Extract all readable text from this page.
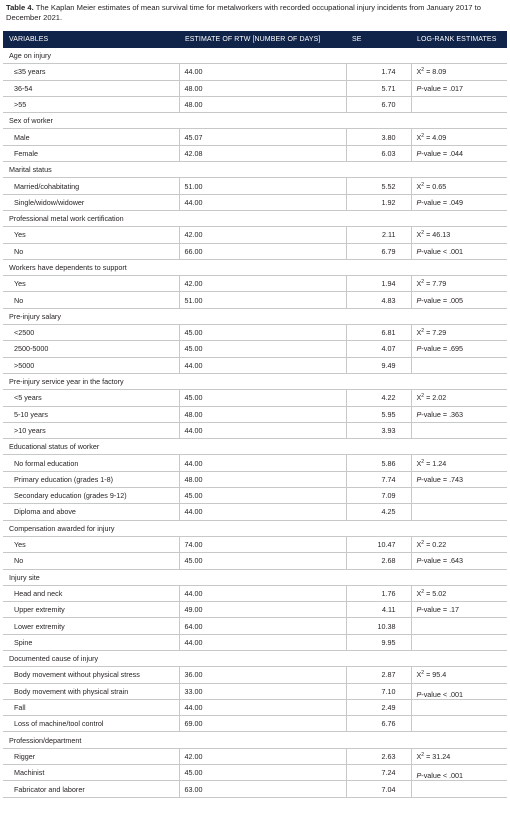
Table 4. The Kaplan Meier estimates of mean survival time for metalworkers with recorded occupational injury incidents from January 2017 to December 2021.
VARIABLES	ESTIMATE OF RTW [NUMBER OF DAYS]	SE	LOG-RANK ESTIMATES
Age on injury			
≤35 years	44.00	1.74	X2 = 8.09
36-54	48.00	5.71	P-value = .017
>55	48.00	6.70	
Sex of worker			
Male	45.07	3.80	X2 = 4.09
Female	42.08	6.03	P-value = .044
Marital status			
Married/cohabitating	51.00	5.52	X2 = 0.65
Single/widow/widower	44.00	1.92	P-value = .049
Professional metal work certification			
Yes	42.00	2.11	X2 = 46.13
No	66.00	6.79	P-value < .001
Workers have dependents to support			
Yes	42.00	1.94	X2 = 7.79
No	51.00	4.83	P-value = .005
Pre-injury salary			
<2500	45.00	6.81	X2 = 7.29
2500-5000	45.00	4.07	P-value = .695
>5000	44.00	9.49	
Pre-injury service year in the factory			
<5 years	45.00	4.22	X2 = 2.02
5-10 years	48.00	5.95	P-value = .363
>10 years	44.00	3.93	
Educational status of worker			
No formal education	44.00	5.86	X2 = 1.24
Primary education (grades 1-8)	48.00	7.74	P-value = .743
Secondary education (grades 9-12)	45.00	7.09	
Diploma and above	44.00	4.25	
Compensation awarded for injury			
Yes	74.00	10.47	X2 = 0.22
No	45.00	2.68	P-value = .643
Injury site			
Head and neck	44.00	1.76	X2 = 5.02
Upper extremity	49.00	4.11	P-value = .17
Lower extremity	64.00	10.38	
Spine	44.00	9.95	
Documented cause of injury			
Body movement without physical stress	36.00	2.87	X2 = 95.4
Body movement with physical strain	33.00	7.10	P-value < .001
Fall	44.00	2.49	
Loss of machine/tool control	69.00	6.76	
Profession/department			
Rigger	42.00	2.63	X2 = 31.24
Machinist	45.00	7.24	P-value < .001
Fabricator and laborer	63.00	7.04	
